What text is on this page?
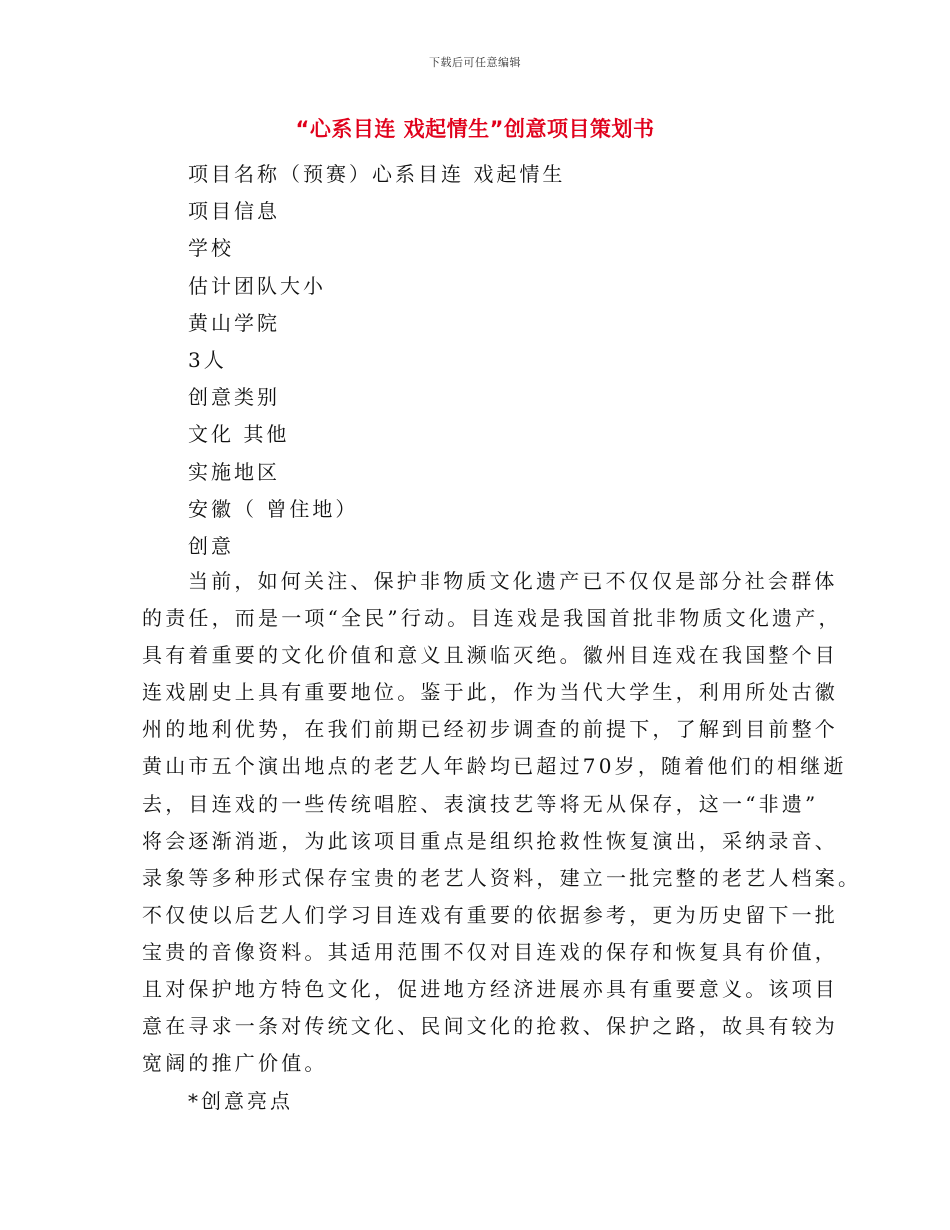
下载后可任意编辑
“心系目连 戏起情生”创意项目策划书
项目名称（预赛）心系目连 戏起情生
项目信息
学校
估计团队大小
黄山学院
3人
创意类别
文化 其他
实施地区
安徽（ 曾住地）
创意
当前，如何关注、保护非物质文化遗产已不仅仅是部分社会群体
的责任，而是一项“全民”行动。目连戏是我国首批非物质文化遗产，
具有着重要的文化价值和意义且濒临灭绝。徽州目连戏在我国整个目
连戏剧史上具有重要地位。鉴于此，作为当代大学生，利用所处古徽
州的地利优势，在我们前期已经初步调查的前提下，了解到目前整个
黄山市五个演出地点的老艺人年龄均已超过70岁，随着他们的相继逝
去，目连戏的一些传统唱腔、表演技艺等将无从保存，这一“非遗”
将会逐渐消逝，为此该项目重点是组织抢救性恢复演出，采纳录音、
录象等多种形式保存宝贵的老艺人资料，建立一批完整的老艺人档案。
不仅使以后艺人们学习目连戏有重要的依据参考，更为历史留下一批
宝贵的音像资料。其适用范围不仅对目连戏的保存和恢复具有价值，
且对保护地方特色文化，促进地方经济进展亦具有重要意义。该项目
意在寻求一条对传统文化、民间文化的抢救、保护之路，故具有较为
宽阔的推广价值。
*创意亮点
